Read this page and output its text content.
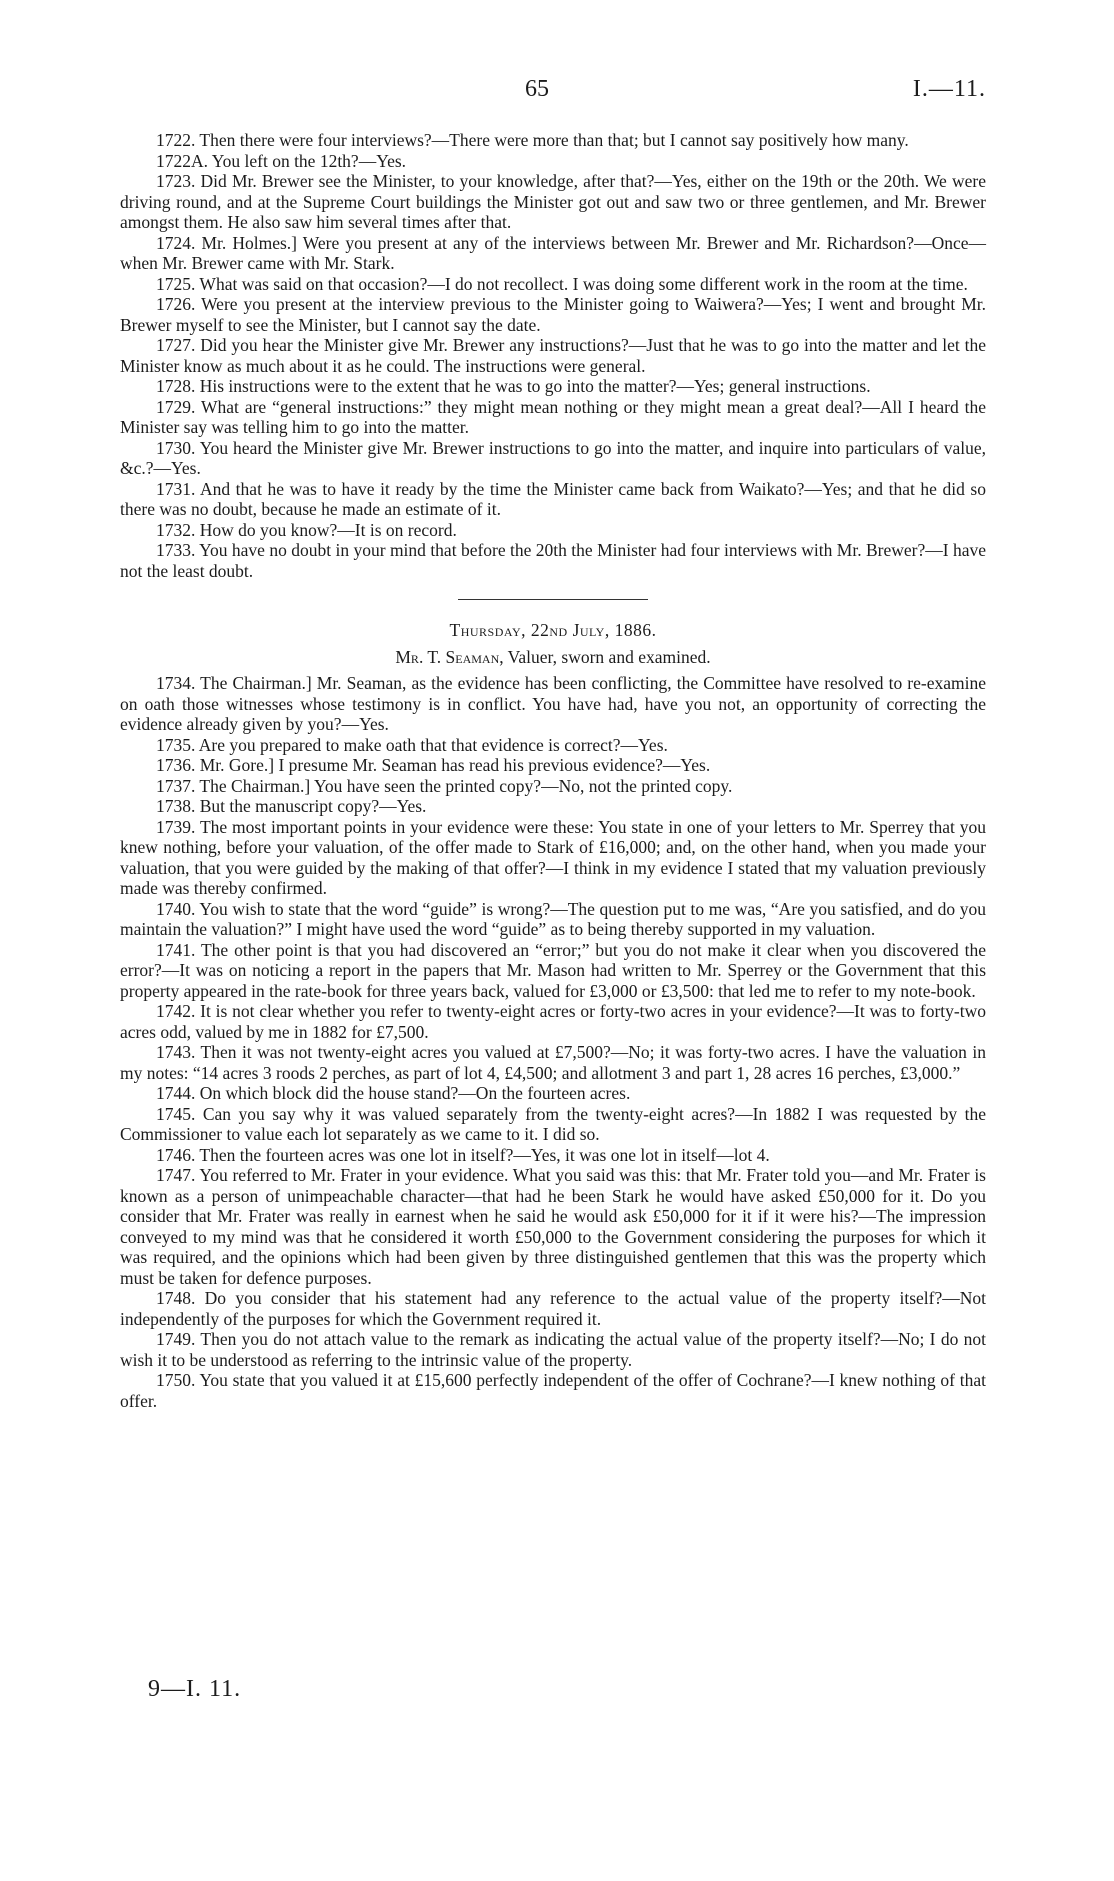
65	I.—11.

1722. Then there were four interviews?—There were more than that; but I cannot say positively how many.

1722A. You left on the 12th?—Yes.

1723. Did Mr. Brewer see the Minister, to your knowledge, after that?—Yes, either on the 19th or the 20th. We were driving round, and at the Supreme Court buildings the Minister got out and saw two or three gentlemen, and Mr. Brewer amongst them. He also saw him several times after that.

1724. Mr. Holmes.] Were you present at any of the interviews between Mr. Brewer and Mr. Richardson?—Once—when Mr. Brewer came with Mr. Stark.

1725. What was said on that occasion?—I do not recollect. I was doing some different work in the room at the time.

1726. Were you present at the interview previous to the Minister going to Waiwera?—Yes; I went and brought Mr. Brewer myself to see the Minister, but I cannot say the date.

1727. Did you hear the Minister give Mr. Brewer any instructions?—Just that he was to go into the matter and let the Minister know as much about it as he could. The instructions were general.

1728. His instructions were to the extent that he was to go into the matter?—Yes; general instructions.

1729. What are “general instructions:” they might mean nothing or they might mean a great deal?—All I heard the Minister say was telling him to go into the matter.

1730. You heard the Minister give Mr. Brewer instructions to go into the matter, and inquire into particulars of value, &c.?—Yes.

1731. And that he was to have it ready by the time the Minister came back from Waikato?—Yes; and that he did so there was no doubt, because he made an estimate of it.

1732. How do you know?—It is on record.

1733. You have no doubt in your mind that before the 20th the Minister had four interviews with Mr. Brewer?—I have not the least doubt.

Thursday, 22nd July, 1886.

Mr. T. Seaman, Valuer, sworn and examined.

1734. The Chairman.] Mr. Seaman, as the evidence has been conflicting, the Committee have resolved to re-examine on oath those witnesses whose testimony is in conflict. You have had, have you not, an opportunity of correcting the evidence already given by you?—Yes.

1735. Are you prepared to make oath that that evidence is correct?—Yes.

1736. Mr. Gore.] I presume Mr. Seaman has read his previous evidence?—Yes.

1737. The Chairman.] You have seen the printed copy?—No, not the printed copy.

1738. But the manuscript copy?—Yes.

1739. The most important points in your evidence were these: You state in one of your letters to Mr. Sperrey that you knew nothing, before your valuation, of the offer made to Stark of £16,000; and, on the other hand, when you made your valuation, that you were guided by the making of that offer?—I think in my evidence I stated that my valuation previously made was thereby confirmed.

1740. You wish to state that the word “guide” is wrong?—The question put to me was, “Are you satisfied, and do you maintain the valuation?” I might have used the word “guide” as to being thereby supported in my valuation.

1741. The other point is that you had discovered an “error;” but you do not make it clear when you discovered the error?—It was on noticing a report in the papers that Mr. Mason had written to Mr. Sperrey or the Government that this property appeared in the rate-book for three years back, valued for £3,000 or £3,500: that led me to refer to my note-book.

1742. It is not clear whether you refer to twenty-eight acres or forty-two acres in your evidence?—It was to forty-two acres odd, valued by me in 1882 for £7,500.

1743. Then it was not twenty-eight acres you valued at £7,500?—No; it was forty-two acres. I have the valuation in my notes: “14 acres 3 roods 2 perches, as part of lot 4, £4,500; and allotment 3 and part 1, 28 acres 16 perches, £3,000.”

1744. On which block did the house stand?—On the fourteen acres.

1745. Can you say why it was valued separately from the twenty-eight acres?—In 1882 I was requested by the Commissioner to value each lot separately as we came to it. I did so.

1746. Then the fourteen acres was one lot in itself?—Yes, it was one lot in itself—lot 4.

1747. You referred to Mr. Frater in your evidence. What you said was this: that Mr. Frater told you—and Mr. Frater is known as a person of unimpeachable character—that had he been Stark he would have asked £50,000 for it. Do you consider that Mr. Frater was really in earnest when he said he would ask £50,000 for it if it were his?—The impression conveyed to my mind was that he considered it worth £50,000 to the Government considering the purposes for which it was required, and the opinions which had been given by three distinguished gentlemen that this was the property which must be taken for defence purposes.

1748. Do you consider that his statement had any reference to the actual value of the property itself?—Not independently of the purposes for which the Government required it.

1749. Then you do not attach value to the remark as indicating the actual value of the property itself?—No; I do not wish it to be understood as referring to the intrinsic value of the property.

1750. You state that you valued it at £15,600 perfectly independent of the offer of Cochrane?—I knew nothing of that offer.

9—I. 11.
